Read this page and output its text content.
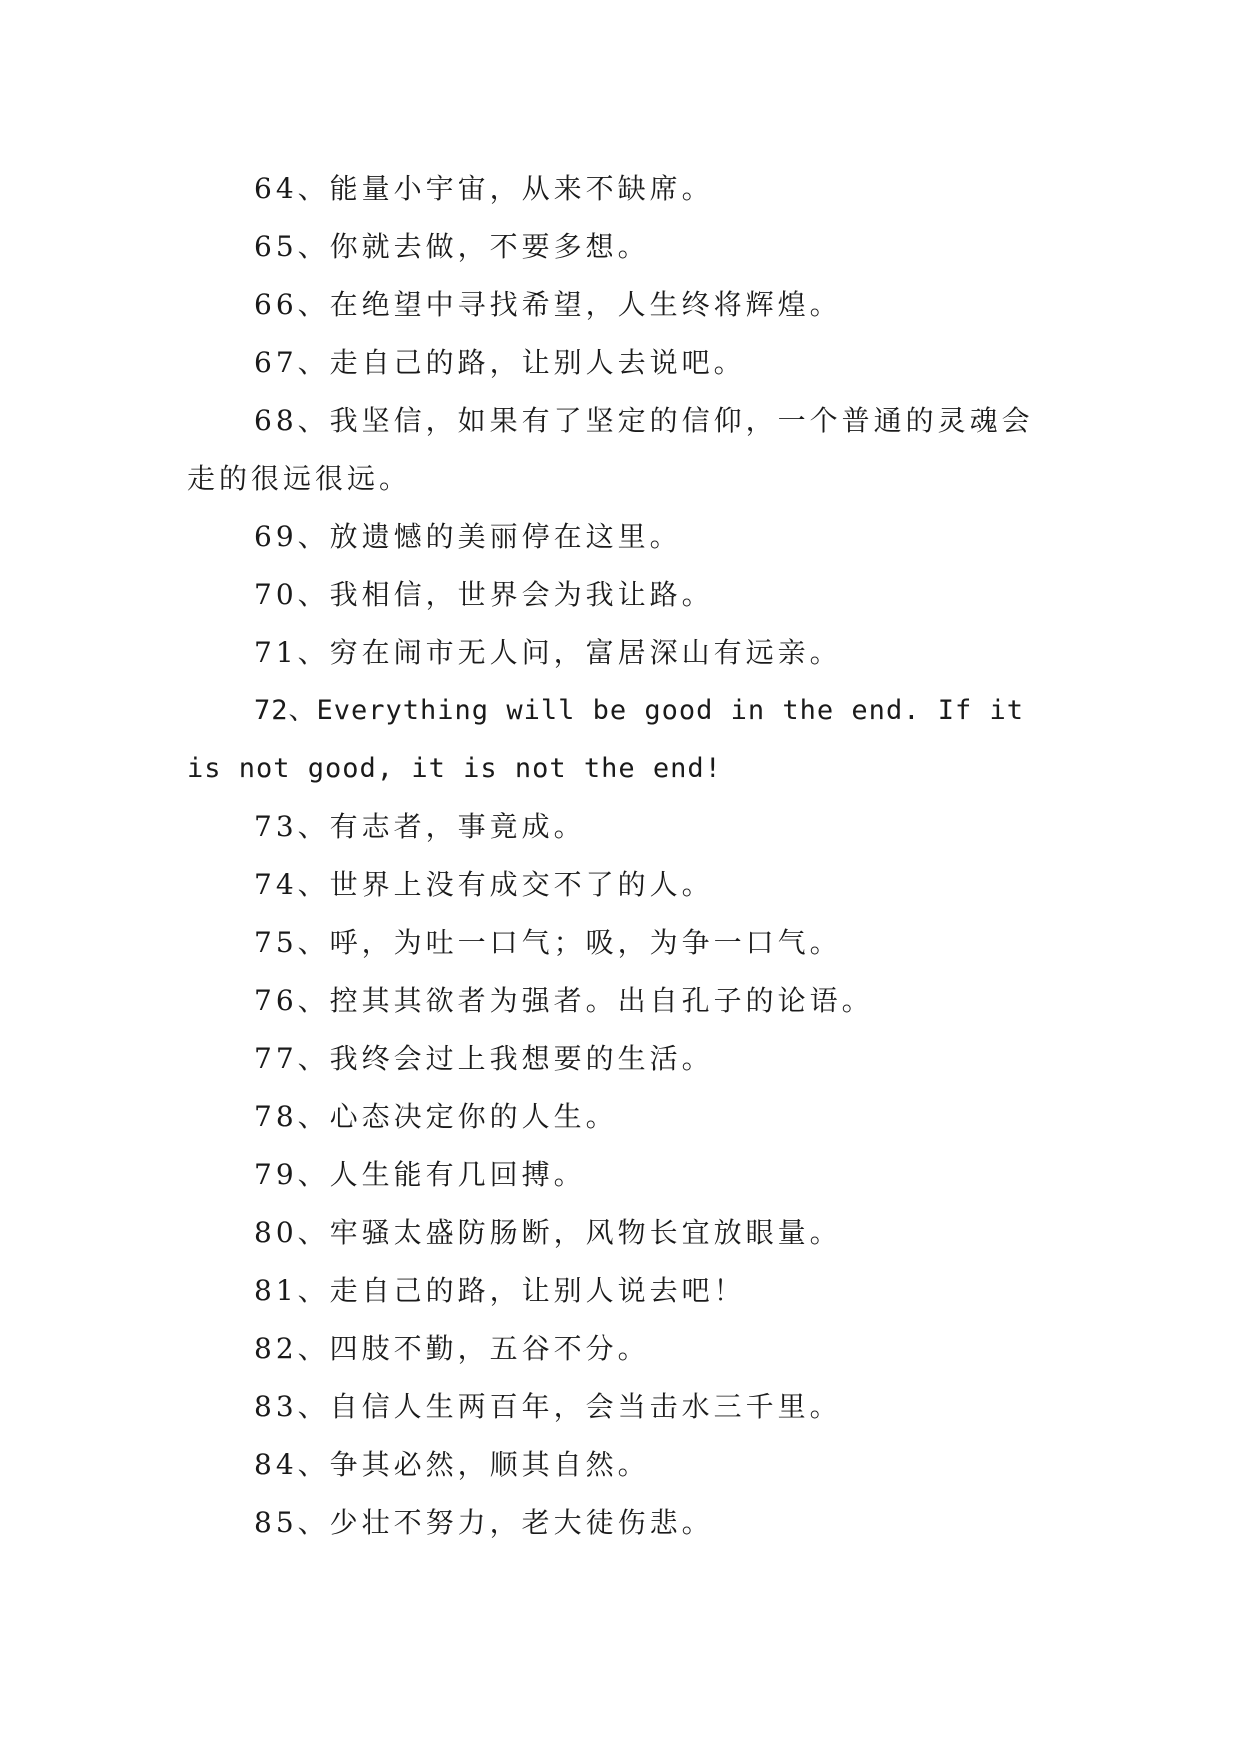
64、能量小宇宙，从来不缺席。

65、你就去做，不要多想。

66、在绝望中寻找希望，人生终将辉煌。

67、走自己的路，让别人去说吧。

68、我坚信，如果有了坚定的信仰，一个普通的灵魂会走的很远很远。

69、放遗憾的美丽停在这里。

70、我相信，世界会为我让路。

71、穷在闹市无人问，富居深山有远亲。

72、Everything will be good in the end. If it is not good, it is not the end!

73、有志者，事竟成。

74、世界上没有成交不了的人。

75、呼，为吐一口气；吸，为争一口气。

76、控其其欲者为强者。出自孔子的论语。

77、我终会过上我想要的生活。

78、心态决定你的人生。

79、人生能有几回搏。

80、牢骚太盛防肠断，风物长宜放眼量。

81、走自己的路，让别人说去吧！

82、四肢不勤，五谷不分。

83、自信人生两百年，会当击水三千里。

84、争其必然，顺其自然。

85、少壮不努力，老大徒伤悲。
